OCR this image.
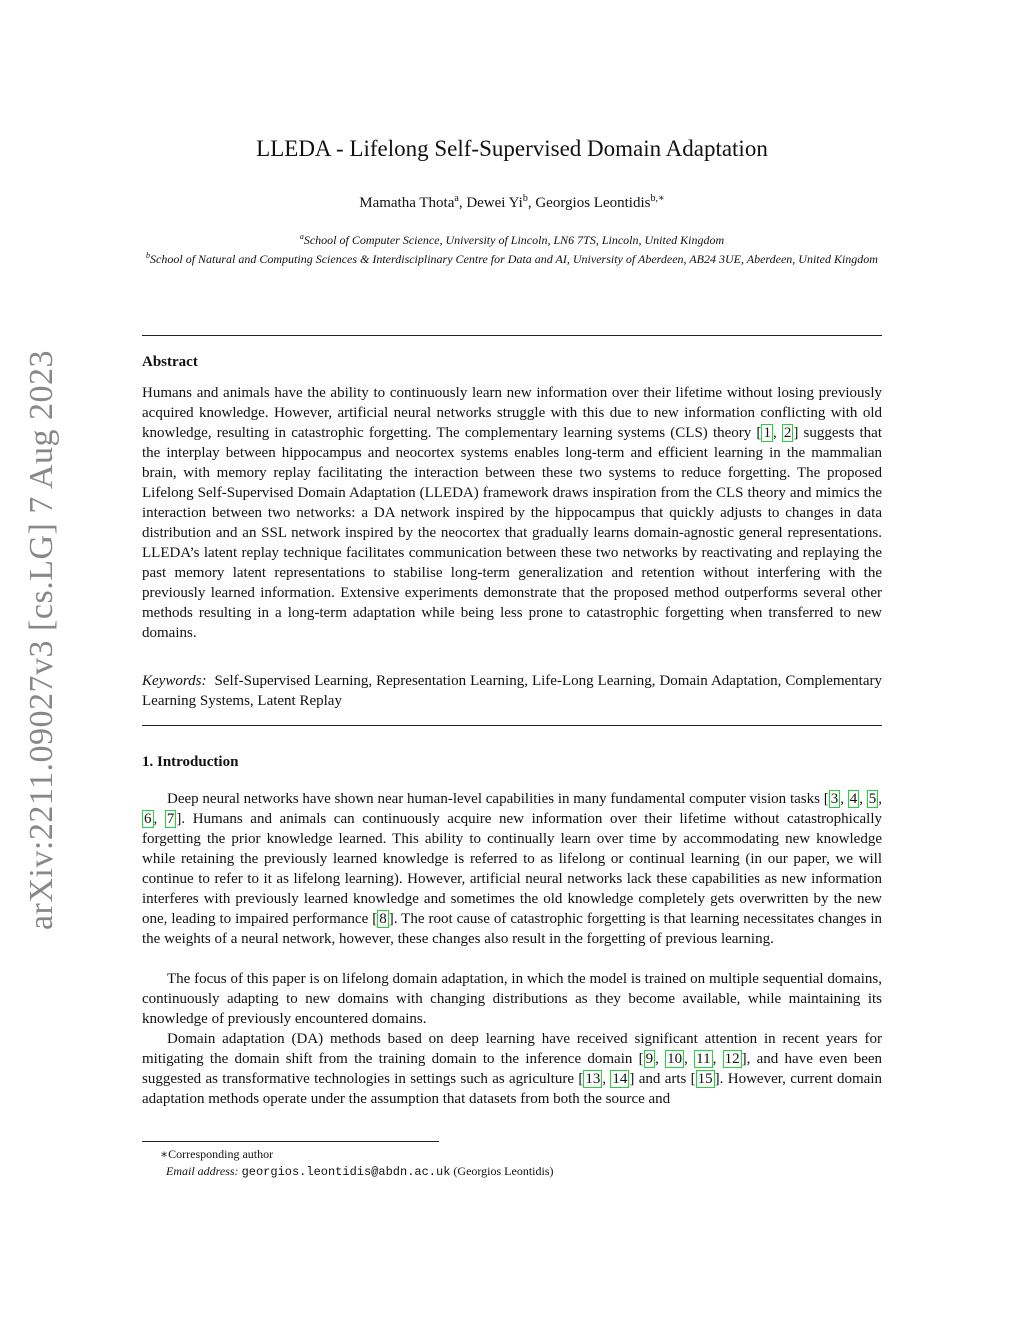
arXiv:2211.09027v3 [cs.LG] 7 Aug 2023
LLEDA - Lifelong Self-Supervised Domain Adaptation
Mamatha Thota$^a$, Dewei Yi$^b$, Georgios Leontidis$^{b,∗}$
$^a$School of Computer Science, University of Lincoln, LN6 7TS, Lincoln, United Kingdom
$^b$School of Natural and Computing Sciences & Interdisciplinary Centre for Data and AI, University of Aberdeen, AB24 3UE, Aberdeen, United Kingdom
Abstract
Humans and animals have the ability to continuously learn new information over their lifetime without losing previously acquired knowledge. However, artificial neural networks struggle with this due to new information conflicting with old knowledge, resulting in catastrophic forgetting. The complementary learning systems (CLS) theory [ 1 , 2 ] suggests that the interplay between hippocampus and neocortex systems enables long-term and efficient learning in the mammalian brain, with memory replay facilitating the interaction between these two systems to reduce forgetting. The proposed Lifelong Self-Supervised Domain Adaptation (LLEDA) framework draws inspiration from the CLS theory and mimics the interaction between two networks: a DA network inspired by the hippocampus that quickly adjusts to changes in data distribution and an SSL network inspired by the neocortex that gradually learns domain-agnostic general representations. LLEDA’s latent replay technique facilitates communication between these two networks by reactivating and replaying the past memory latent representations to stabilise long-term generalization and retention without interfering with the previously learned information. Extensive experiments demonstrate that the proposed method outperforms several other methods resulting in a long-term adaptation while being less prone to catastrophic forgetting when transferred to new domains.
Keywords: Self-Supervised Learning, Representation Learning, Life-Long Learning, Domain Adaptation, Complementary Learning Systems, Latent Replay
1. Introduction
Deep neural networks have shown near human-level capabilities in many fundamental computer vision tasks [ 3 , 4 , 5 , 6 , 7 ]. Humans and animals can continuously acquire new information over their lifetime without catastrophically forgetting the prior knowledge learned. This ability to continually learn over time by accommodating new knowledge while retaining the previously learned knowledge is referred to as lifelong or continual learning (in our paper, we will continue to refer to it as lifelong learning). However, artificial neural networks lack these capabilities as new information interferes with previously learned knowledge and sometimes the old knowledge completely gets overwritten by the new one, leading to impaired performance [ 8 ]. The root cause of catastrophic forgetting is that learning necessitates changes in the weights of a neural network, however, these changes also result in the forgetting of previous learning.
The focus of this paper is on lifelong domain adaptation, in which the model is trained on multiple sequential domains, continuously adapting to new domains with changing distributions as they become available, while maintaining its knowledge of previously encountered domains.
Domain adaptation (DA) methods based on deep learning have received significant attention in recent years for mitigating the domain shift from the training domain to the inference domain [ 9 , 10 , 11 , 12 ], and have even been suggested as transformative technologies in settings such as agriculture [ 13 , 14 ] and arts [ 15 ]. However, current domain adaptation methods operate under the assumption that datasets from both the source and
∗Corresponding author
Email address: georgios.leontidis@abdn.ac.uk (Georgios Leontidis)
